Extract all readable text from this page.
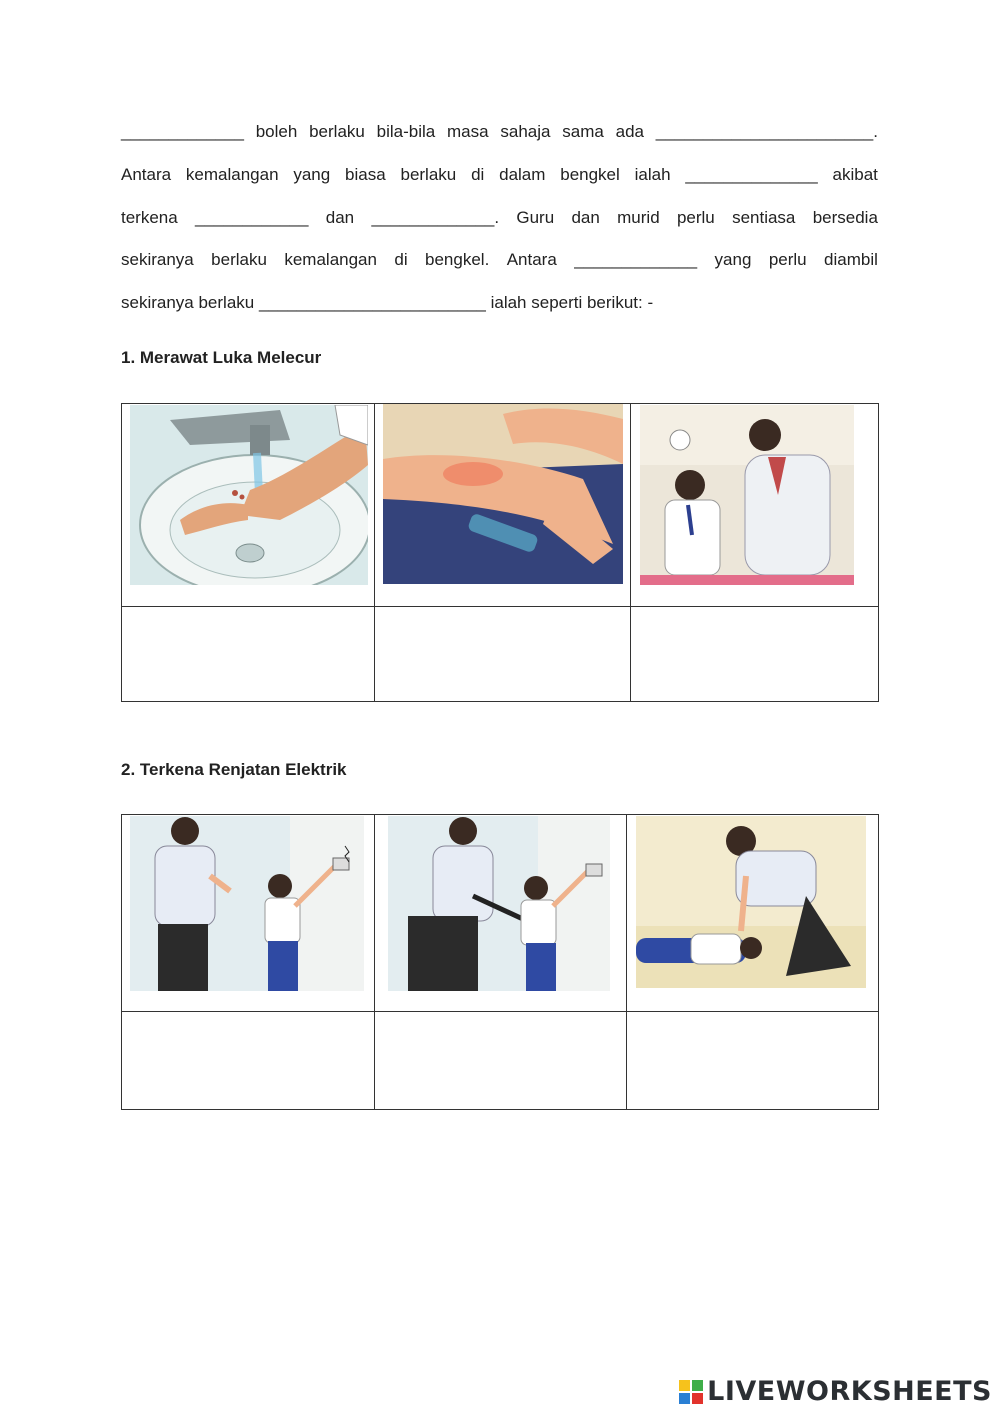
_____________ boleh berlaku bila-bila masa sahaja sama ada _______________________.
Antara kemalangan yang biasa berlaku di dalam bengkel ialah ______________ akibat
terkena ____________ dan _____________. Guru dan murid perlu sentiasa bersedia
sekiranya berlaku kemalangan di bengkel. Antara _____________ yang perlu diambil
sekiranya berlaku ________________________ ialah seperti berikut: -
1. Merawat Luka Melecur

2. Terkena Renjatan Elektrik

LIVEWORKSHEETS
